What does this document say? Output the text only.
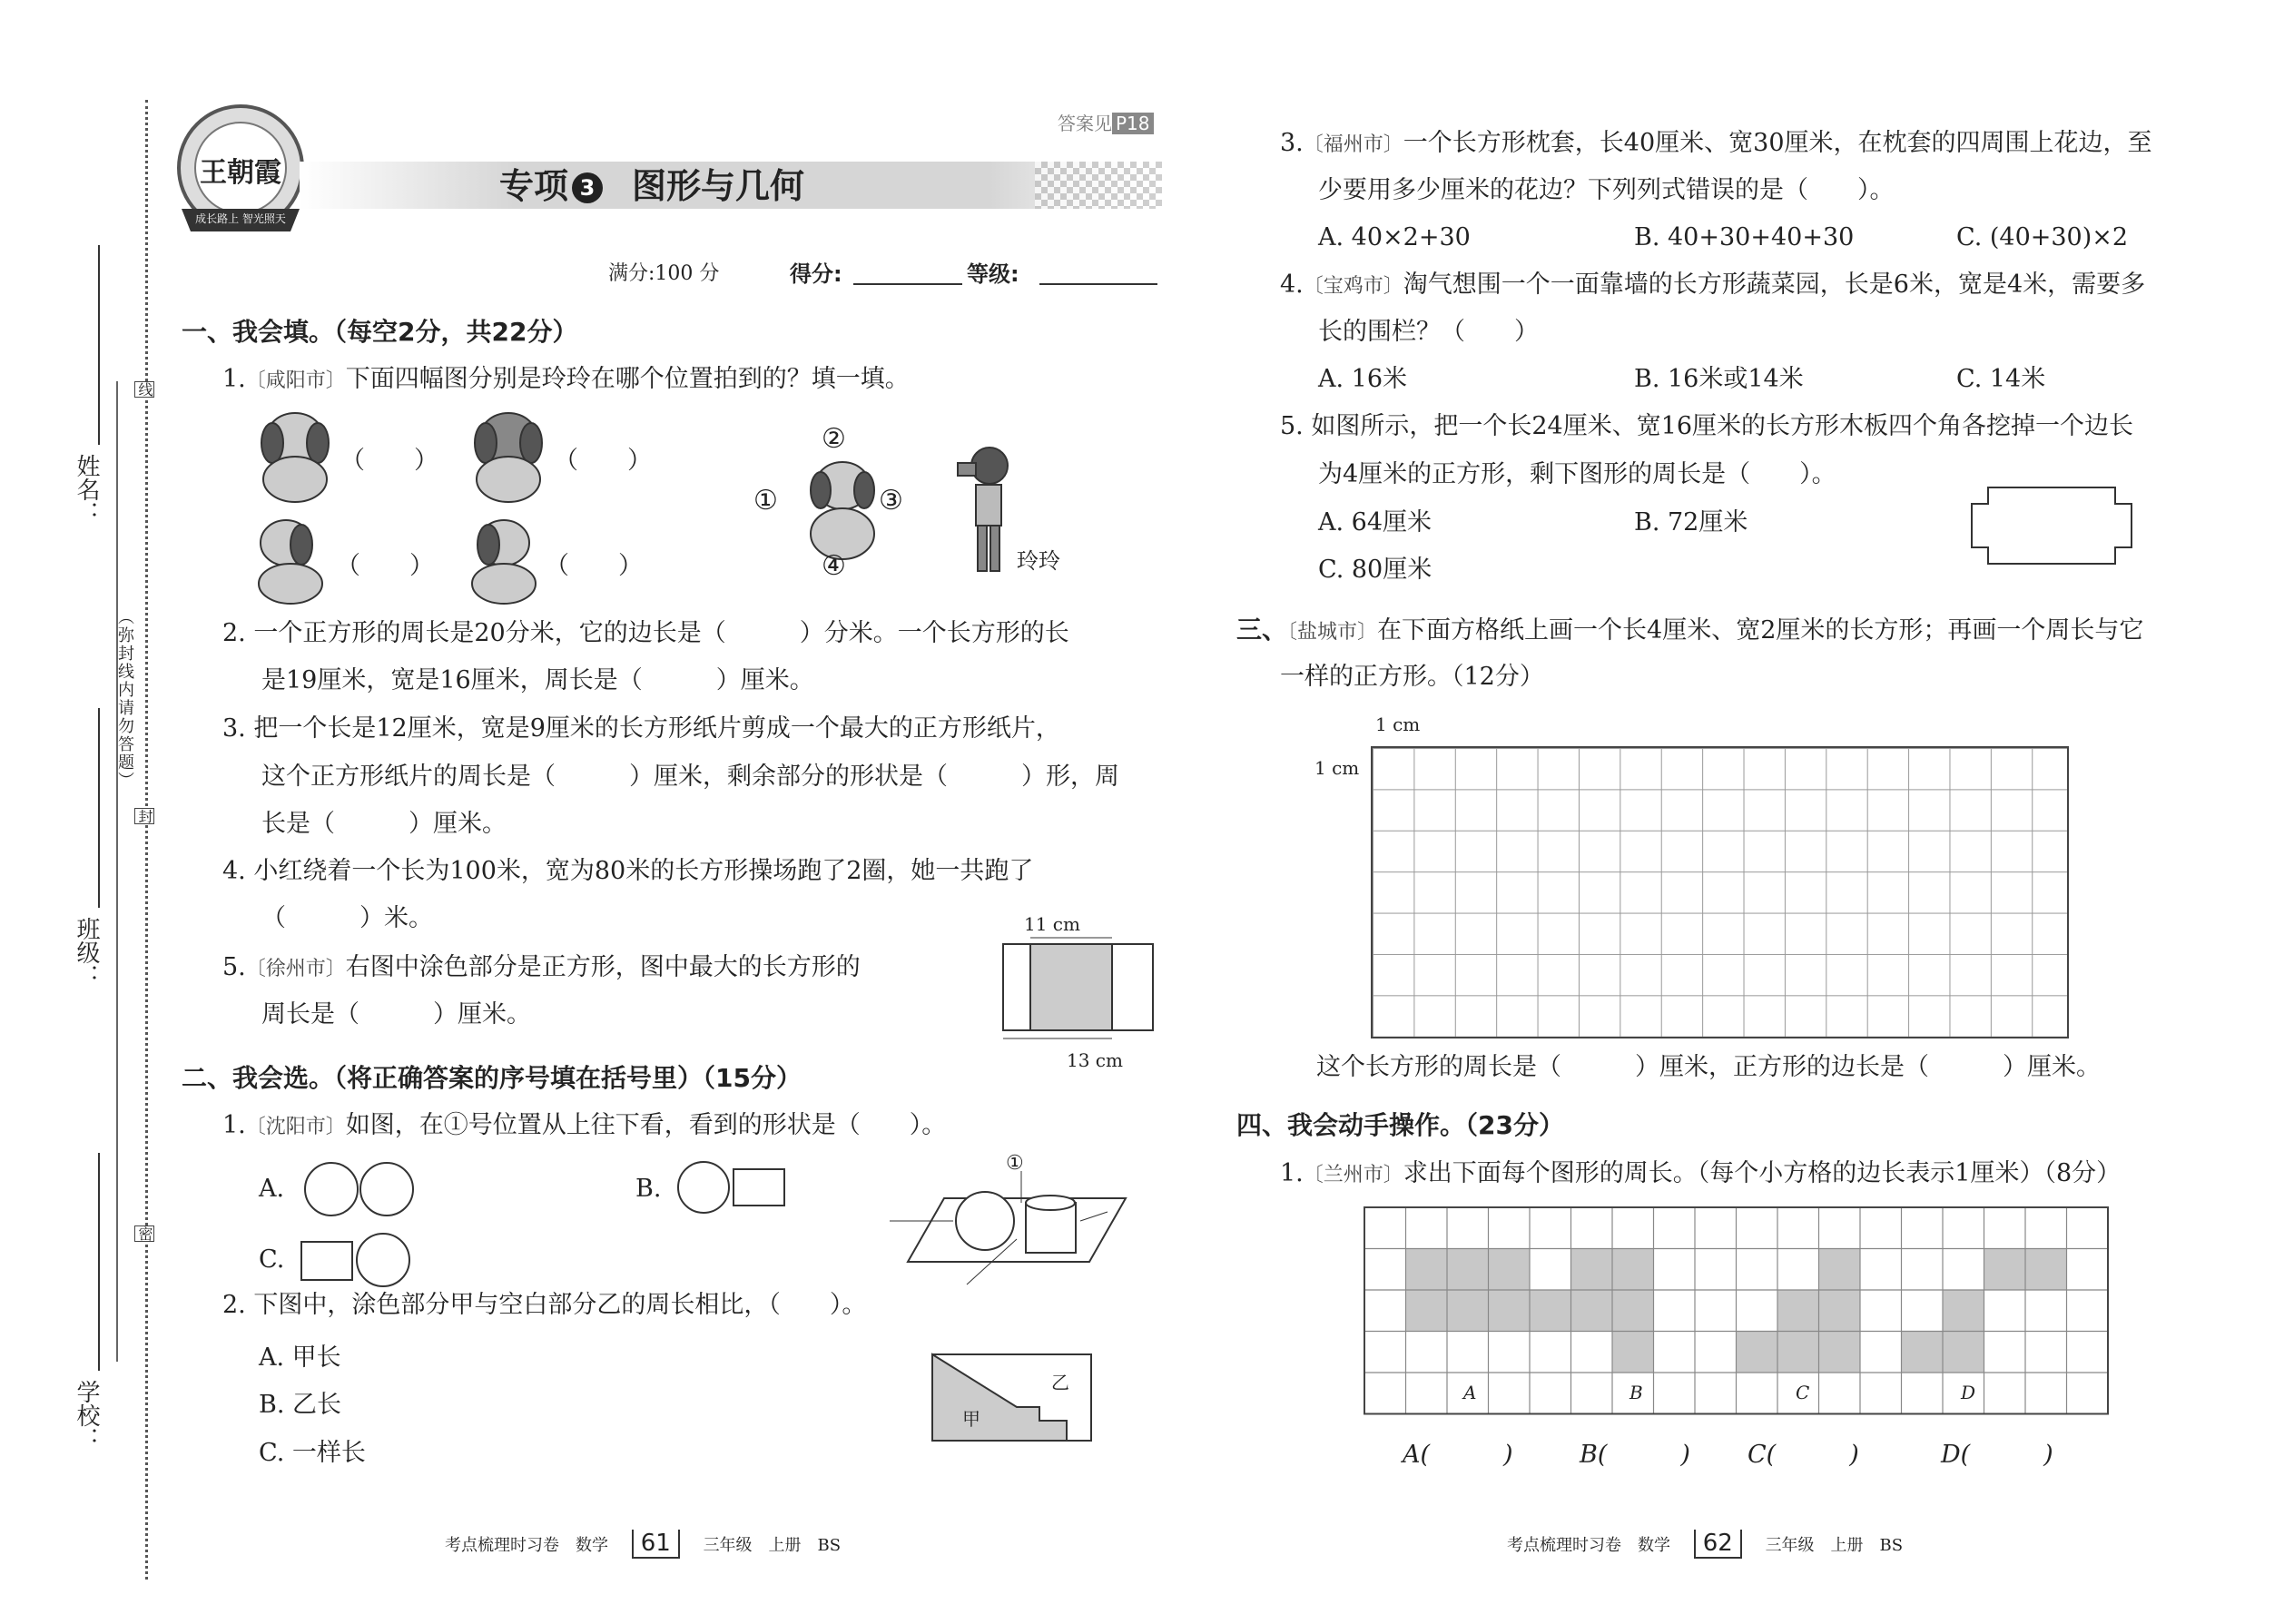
姓名：
班级：
学校：
（弥封线内请勿答题）
线
封
密
王朝霞
成长路上 智光照天
答案见 P18
专项 3 图形与几何
满分:100 分	得分:	等级:
一、我会填。（每空2分，共22分）
1.〔咸阳市〕下面四幅图分别是玲玲在哪个位置拍到的？填一填。
（　　）	（　　）
（　　）	（　　）
②
①	③
④	玲玲
2. 一个正方形的周长是20分米，它的边长是（　　　）分米。一个长方形的长
是19厘米，宽是16厘米，周长是（　　　）厘米。
3. 把一个长是12厘米，宽是9厘米的长方形纸片剪成一个最大的正方形纸片，
这个正方形纸片的周长是（　　　）厘米，剩余部分的形状是（　　　）形，周
长是（　　　）厘米。
4. 小红绕着一个长为100米，宽为80米的长方形操场跑了2圈，她一共跑了
（　　　）米。
5.〔徐州市〕右图中涂色部分是正方形，图中最大的长方形的
周长是（　　　）厘米。
11 cm
13 cm
二、我会选。（将正确答案的序号填在括号里）（15分）
1.〔沈阳市〕如图，在①号位置从上往下看，看到的形状是（　　）。
A.	B.
C.
①
2. 下图中，涂色部分甲与空白部分乙的周长相比，（　　）。
A. 甲长
B. 乙长
C. 一样长
甲
乙
考点梳理时习卷　数学 61 三年级　上册　BS
3.〔福州市〕一个长方形枕套，长40厘米、宽30厘米，在枕套的四周围上花边，至
少要用多少厘米的花边？下列列式错误的是（　　）。
A. 40×2+30	B. 40+30+40+30	C. (40+30)×2
4.〔宝鸡市〕淘气想围一个一面靠墙的长方形蔬菜园，长是6米，宽是4米，需要多
长的围栏？（　　）
A. 16米	B. 16米或14米	C. 14米
5. 如图所示，把一个长24厘米、宽16厘米的长方形木板四个角各挖掉一个边长
为4厘米的正方形，剩下图形的周长是（　　）。
A. 64厘米	B. 72厘米
C. 80厘米
三、〔盐城市〕在下面方格纸上画一个长4厘米、宽2厘米的长方形；再画一个周长与它
一样的正方形。（12分）
1 cm
1 cm
这个长方形的周长是（　　　）厘米，正方形的边长是（　　　）厘米。
四、我会动手操作。（23分）
1.〔兰州市〕求出下面每个图形的周长。（每个小方格的边长表示1厘米）（8分）
A	B	C	D
A(　　　)	B(　　　) C(　　　)	D(　　　)
考点梳理时习卷　数学 62 三年级　上册　BS
